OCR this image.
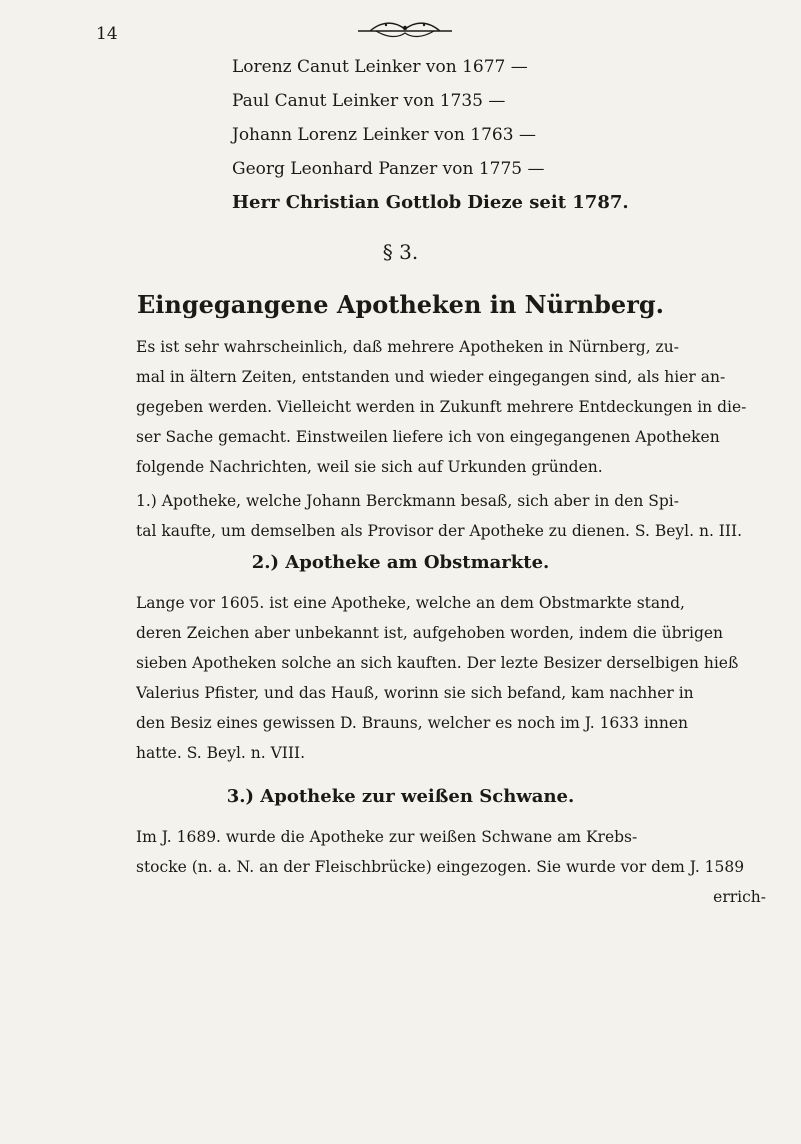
14
Lorenz Canut Leinker von 1677 —
Paul Canut Leinker von 1735 —
Johann Lorenz Leinker von 1763 —
Georg Leonhard Panzer von 1775 —
Herr Christian Gottlob Dieze seit 1787.
§ 3.
Eingegangene Apotheken in Nürnberg.
Es ist sehr wahrscheinlich, daß mehrere Apotheken in Nürnberg, zu-
mal in ältern Zeiten, entstanden und wieder eingegangen sind, als hier an-
gegeben werden. Vielleicht werden in Zukunft mehrere Entdeckungen in die-
ser Sache gemacht. Einstweilen liefere ich von eingegangenen Apotheken
folgende Nachrichten, weil sie sich auf Urkunden gründen.
1.) Apotheke, welche Johann Berckmann besaß, sich aber in den Spi-
tal kaufte, um demselben als Provisor der Apotheke zu dienen. S. Beyl. n. III.
2.) Apotheke am Obstmarkte.
Lange vor 1605. ist eine Apotheke, welche an dem Obstmarkte stand,
deren Zeichen aber unbekannt ist, aufgehoben worden, indem die übrigen
sieben Apotheken solche an sich kauften. Der lezte Besizer derselbigen hieß
Valerius Pfister, und das Hauß, worinn sie sich befand, kam nachher in
den Besiz eines gewissen D. Brauns, welcher es noch im J. 1633 innen
hatte. S. Beyl. n. VIII.
3.) Apotheke zur weißen Schwane.
Im J. 1689. wurde die Apotheke zur weißen Schwane am Krebs-
stocke (n. a. N. an der Fleischbrücke) eingezogen. Sie wurde vor dem J. 1589
errich-
